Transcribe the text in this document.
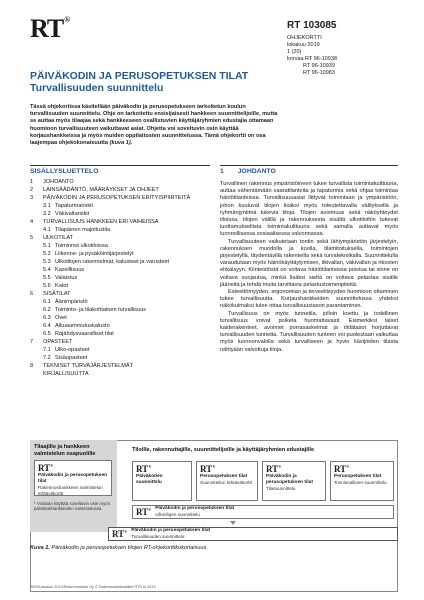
RT®
RT 103085
OHJEKORTTI
lokakuu 2019
1 (20)
korvaa RT 96-10938
RT 96-10939
RT 96-10983
PÄIVÄKODIN JA PERUSOPETUKSEN TILAT
Turvallisuuden suunnittelu
Tässä ohjekortissa käsitellään päiväkodin ja perusopetukseen tarkoitetun koulun turvallisuuden suunnittelu. Ohje on tarkoitettu ensisijaisesti hankkeen suunnittelijoille, mutta se auttaa myös tilaajaa sekä hankkeeseen osallistuvien käyttäjäryhmien edustajia ottamaan huomioon turvallisuuteen vaikuttavat asiat. Ohjetta voi soveltuvin osin käyttää korjaushankkeissa ja myös muiden oppilaitosten suunnittelussa. Tämä ohjekortti on osa laajempaa ohjekokonaisuutta (kuva 1).
SISÄLLYSLUETTELO	1 JOHDANTO
1	JOHDANTO
2	LAINSÄÄDÄNTÖ, MÄÄRÄYKSET JA OHJEET
3	PÄIVÄKODIN JA PERUSOPETUKSEN ERITYISPIIRTEITÄ
3.1 Tapaturmariskit
3.2 Väkivaltariskit
4	TURVALLISUUS HANKKEEN ERI VAIHEISSA
4.1 Tilapäinen majoitustila
5	ULKOTILAT
5.1 Toiminnot ulkotiloissa
5.2 Liikenne- ja pysäköintijärjestelyt
5.3 Ulkotilojen rakennelmat, kalusteet ja varusteet
5.4 Kasvillisuus
5.5 Valaistus
5.6 Katot
6	SISÄTILAT
6.1 Äänimpäristö
6.2 Toiminto- ja tilakohtainen turvallisuus
6.3 Ovet
6.4 Alkuaammutuskalusto
6.5 Räjähdysvaaralliset tilat
7	OPASTEET
7.1 Ulko-opasteet
7.2 Sisäopasteet
8	TEKNISET TURVAJÄRJESTELMÄT
KIRJALLISUUTTA

Turvallinen rakennus ympäristöineen tukee turvallista toimintakulttuuria, auttaa vähentämään vaaratilanteita ja tapaturmia sekä ohjaa toimintaa häiriötilanteissa. Turvallisuusasiat liittyvät toimintaan ja ympäristöön, johon kuuluvat tilojen lisäksi myös toteutettavalla välityksellä ja ryhmänjyntimä tukevia tiloja. Tilojen avoimuus sekä näköyhteydet tiloissa, tilojen välillä ja rakennuksesta sisältä ulkotiloihin tukevat luottamuksellista toimintakulttuuria sekä samalla auttavat myös luonnollisessa sosiaalisessa valvonnassa.

Turvallisuuteen vaikutetaan tontin sekä lähiympäristön järjestelyin, rakennuksen muodolla ja koolla, tilamitoituksella, toimintojen järjestelyllä, täydentävillä rakenteilla sekä turvatekniikalla. Suunnittelulla varaudutaan myös häiriökäyttäytymisen, ilkivallan, väkivallan ja rikosten ehkäisyyn. Kiinteistöstä on voitava häiriötilanteissa poistua tai sinne on voitava suojautua, minkä lisäksi sieltä on voitava pelastaa sisälle jääneitä ja tehdä muita tarvittavia pelastustoimenpiteitä.

Esteettömyyden, ergonomian ja terveellisyyden huomioon ottaminen tukee turvallisuutta. Korjaushankkeiden suunnittelussa yhdeksi näkökulmaksi tulee ottaa turvallisuustason parantaminen.

Turvallisuus on myös tunnetila, jolloin koettu ja todellinen turvallisuus voivat poiketa huomattavasti. Esimerkiksi laiset kaiderakenteet, avoimet porrasaskelmat ja ritilätasot horjuttavat turvallisuuden tunnetta. Turvallisuuden tunteen voi puolestaan vaikuttaa myös luonnonvalolla sekä turvalliseen ja hyvin kävijöiden tilasta nähtyään valvottuja tiloja.

Tilaajille ja hankkeen valmistelun osapuolille
Tiloille, rakennuttajille, suunnittelijoille ja käyttäjäryhmien edustajille
RT®
Päiväkodin ja perusopetuksen tilat
Rakennushankkeen valmistelun tehtäväkortti
* Voidaan käyttää soveltuvin osin myös päiväkotihankkeiden valmistelussa.
RT®
Päiväkotien suunnittelu
RT®
Perusopetuksen tilat
Suunnittelun tehtäväkortti
RT®
Päiväkodin ja perusopetuksen tilat
Tilasuunnittelu
RT®
Perusopetuksen tilat
Toiminnallinen suunnittelu
RT® Päiväkodin ja perusopetuksen tilat
Ulkotilojen suunnittelu
RT® Päiväkodin ja perusopetuksen tilat
Turvallisuuden suunnittelu
Kuva 1. Päiväkodin ja perusopetuksen tilojen RT-ohjekorttikokonaisuus.
SKR/Lokakuu 2019/Rakennustieto Oy © Rakennustietosäätiö RTS sr 2019
